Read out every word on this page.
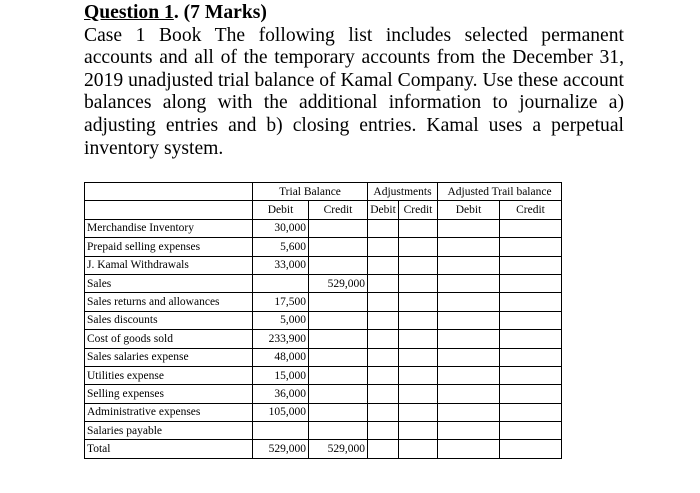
Question 1. (7 Marks)
Case 1 Book The following list includes selected permanent accounts and all of the temporary accounts from the December 31, 2019 unadjusted trial balance of Kamal Company. Use these account balances along with the additional information to journalize a) adjusting entries and b) closing entries. Kamal uses a perpetual inventory system.
	Trial Balance		Adjustments		Adjusted Trail balance	
	Debit	Credit	Debit	Credit	Debit	Credit
Merchandise Inventory	30,000					
Prepaid selling expenses	5,600					
J. Kamal Withdrawals	33,000					
Sales		529,000				
Sales returns and allowances	17,500					
Sales discounts	5,000					
Cost of goods sold	233,900					
Sales salaries expense	48,000					
Utilities expense	15,000					
Selling expenses	36,000					
Administrative expenses	105,000					
Salaries payable						
Total	529,000	529,000				
